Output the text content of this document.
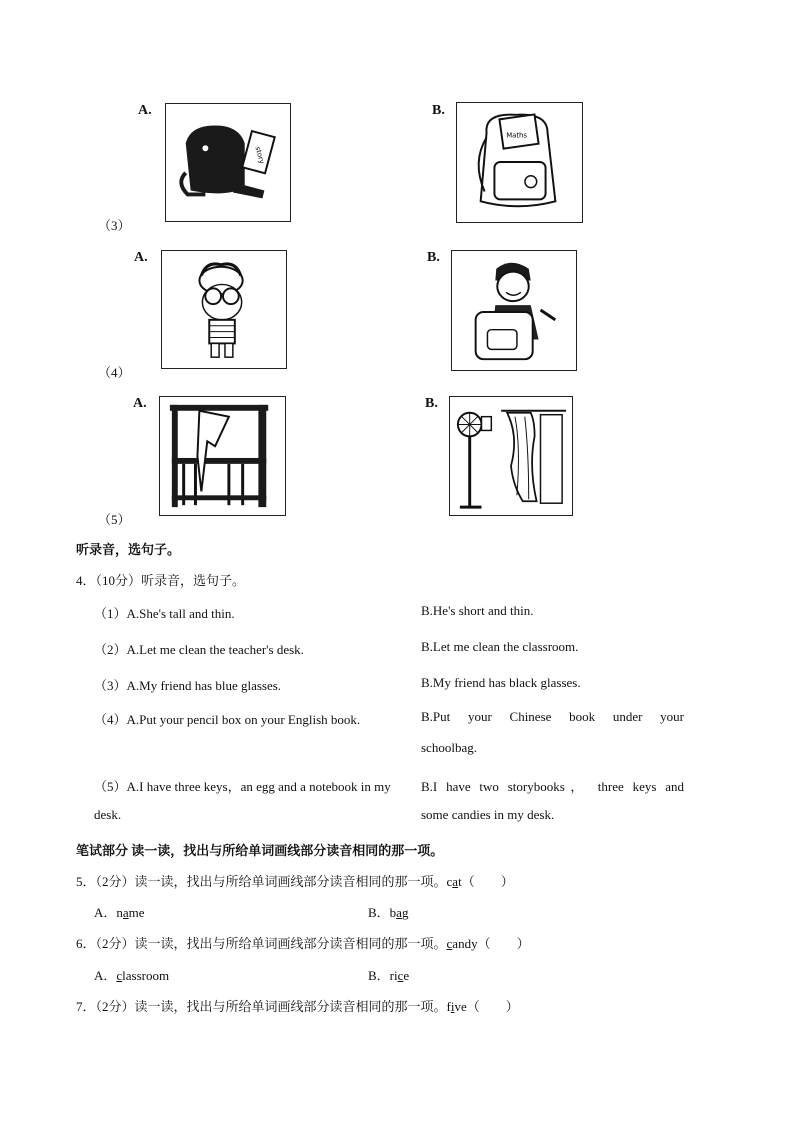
A.
story
B.
Maths
（3）
A.	B.
（4）
A.	B.
（5）
听录音，选句子。
4．（10分）听录音，选句子。
（1）A.She's tall and thin.	B.He's short and thin.
（2）A.Let me clean the teacher's desk.	B.Let me clean the classroom.
（3）A.My friend has blue glasses.	B.My friend has black glasses.
（4）A.Put your pencil box on your English book.	B.Put your Chinese book under your
schoolbag.
（5）A.I have three keys，an egg and a notebook in my
desk.
B.I have two storybooks， three keys and
some candies in my desk.
笔试部分 读一读，找出与所给单词画线部分读音相同的那一项。
5．（2分）读一读，找出与所给单词画线部分读音相同的那一项。cat（　　）
A．name	B．bag
6．（2分）读一读，找出与所给单词画线部分读音相同的那一项。candy（　　）
A．classroom	B．rice
7．（2分）读一读，找出与所给单词画线部分读音相同的那一项。five（　　）
